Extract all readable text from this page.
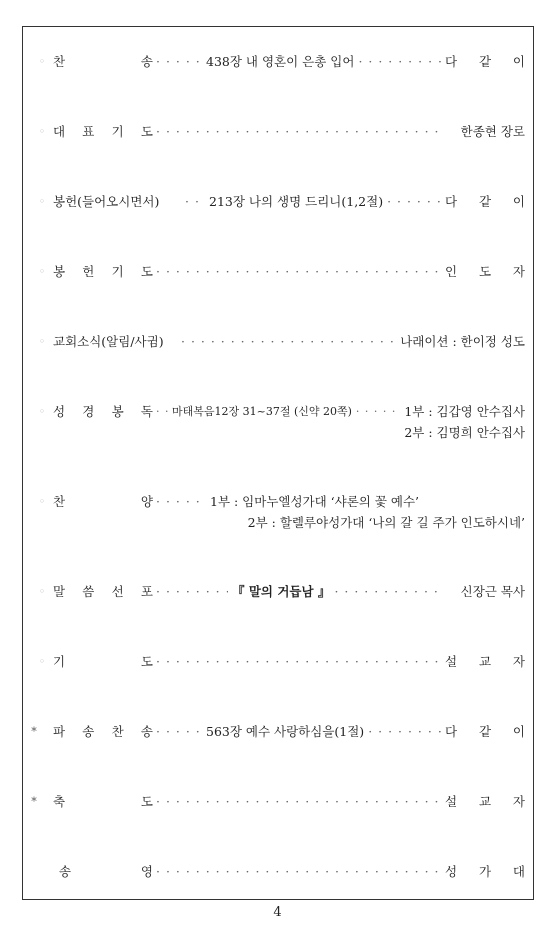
◦ 찬	송 · · ·	438장 내 영혼이 은총 입어 · · ·	다 같 이
◦ 대 표 기 도 · · ·	한종현 장로
◦ 봉헌(들어오시면서) · · ·	213장 나의 생명 드리니(1,2절) · · ·	다 같 이
◦ 봉 헌 기 도 · · ·	인 도 자
◦ 교회소식(알림/사귐) · · ·	나래이션 : 한이정 성도
◦ 성 경 봉 독 · · ·	마태복음12장 31~37절 (신약 20쪽) · · ·	1부 : 김갑영 안수집사
2부 : 김명희 안수집사
◦ 찬	양 · · ·	1부 : 임마누엘성가대 ‘샤론의 꽃 예수’
2부 : 할렐루야성가대 ‘나의 갈 길 주가 인도하시네’
◦ 말 씀 선 포 · · ·	『 말의 거듭남 』 · · ·	신장근 목사
◦ 기	도 · · ·	설 교 자
*	파 송 찬 송 · · ·	563장 예수 사랑하심을(1절) · · ·	다 같 이
*	축	도 · · ·	설 교 자
송	영 · · ·	성 가 대
4
